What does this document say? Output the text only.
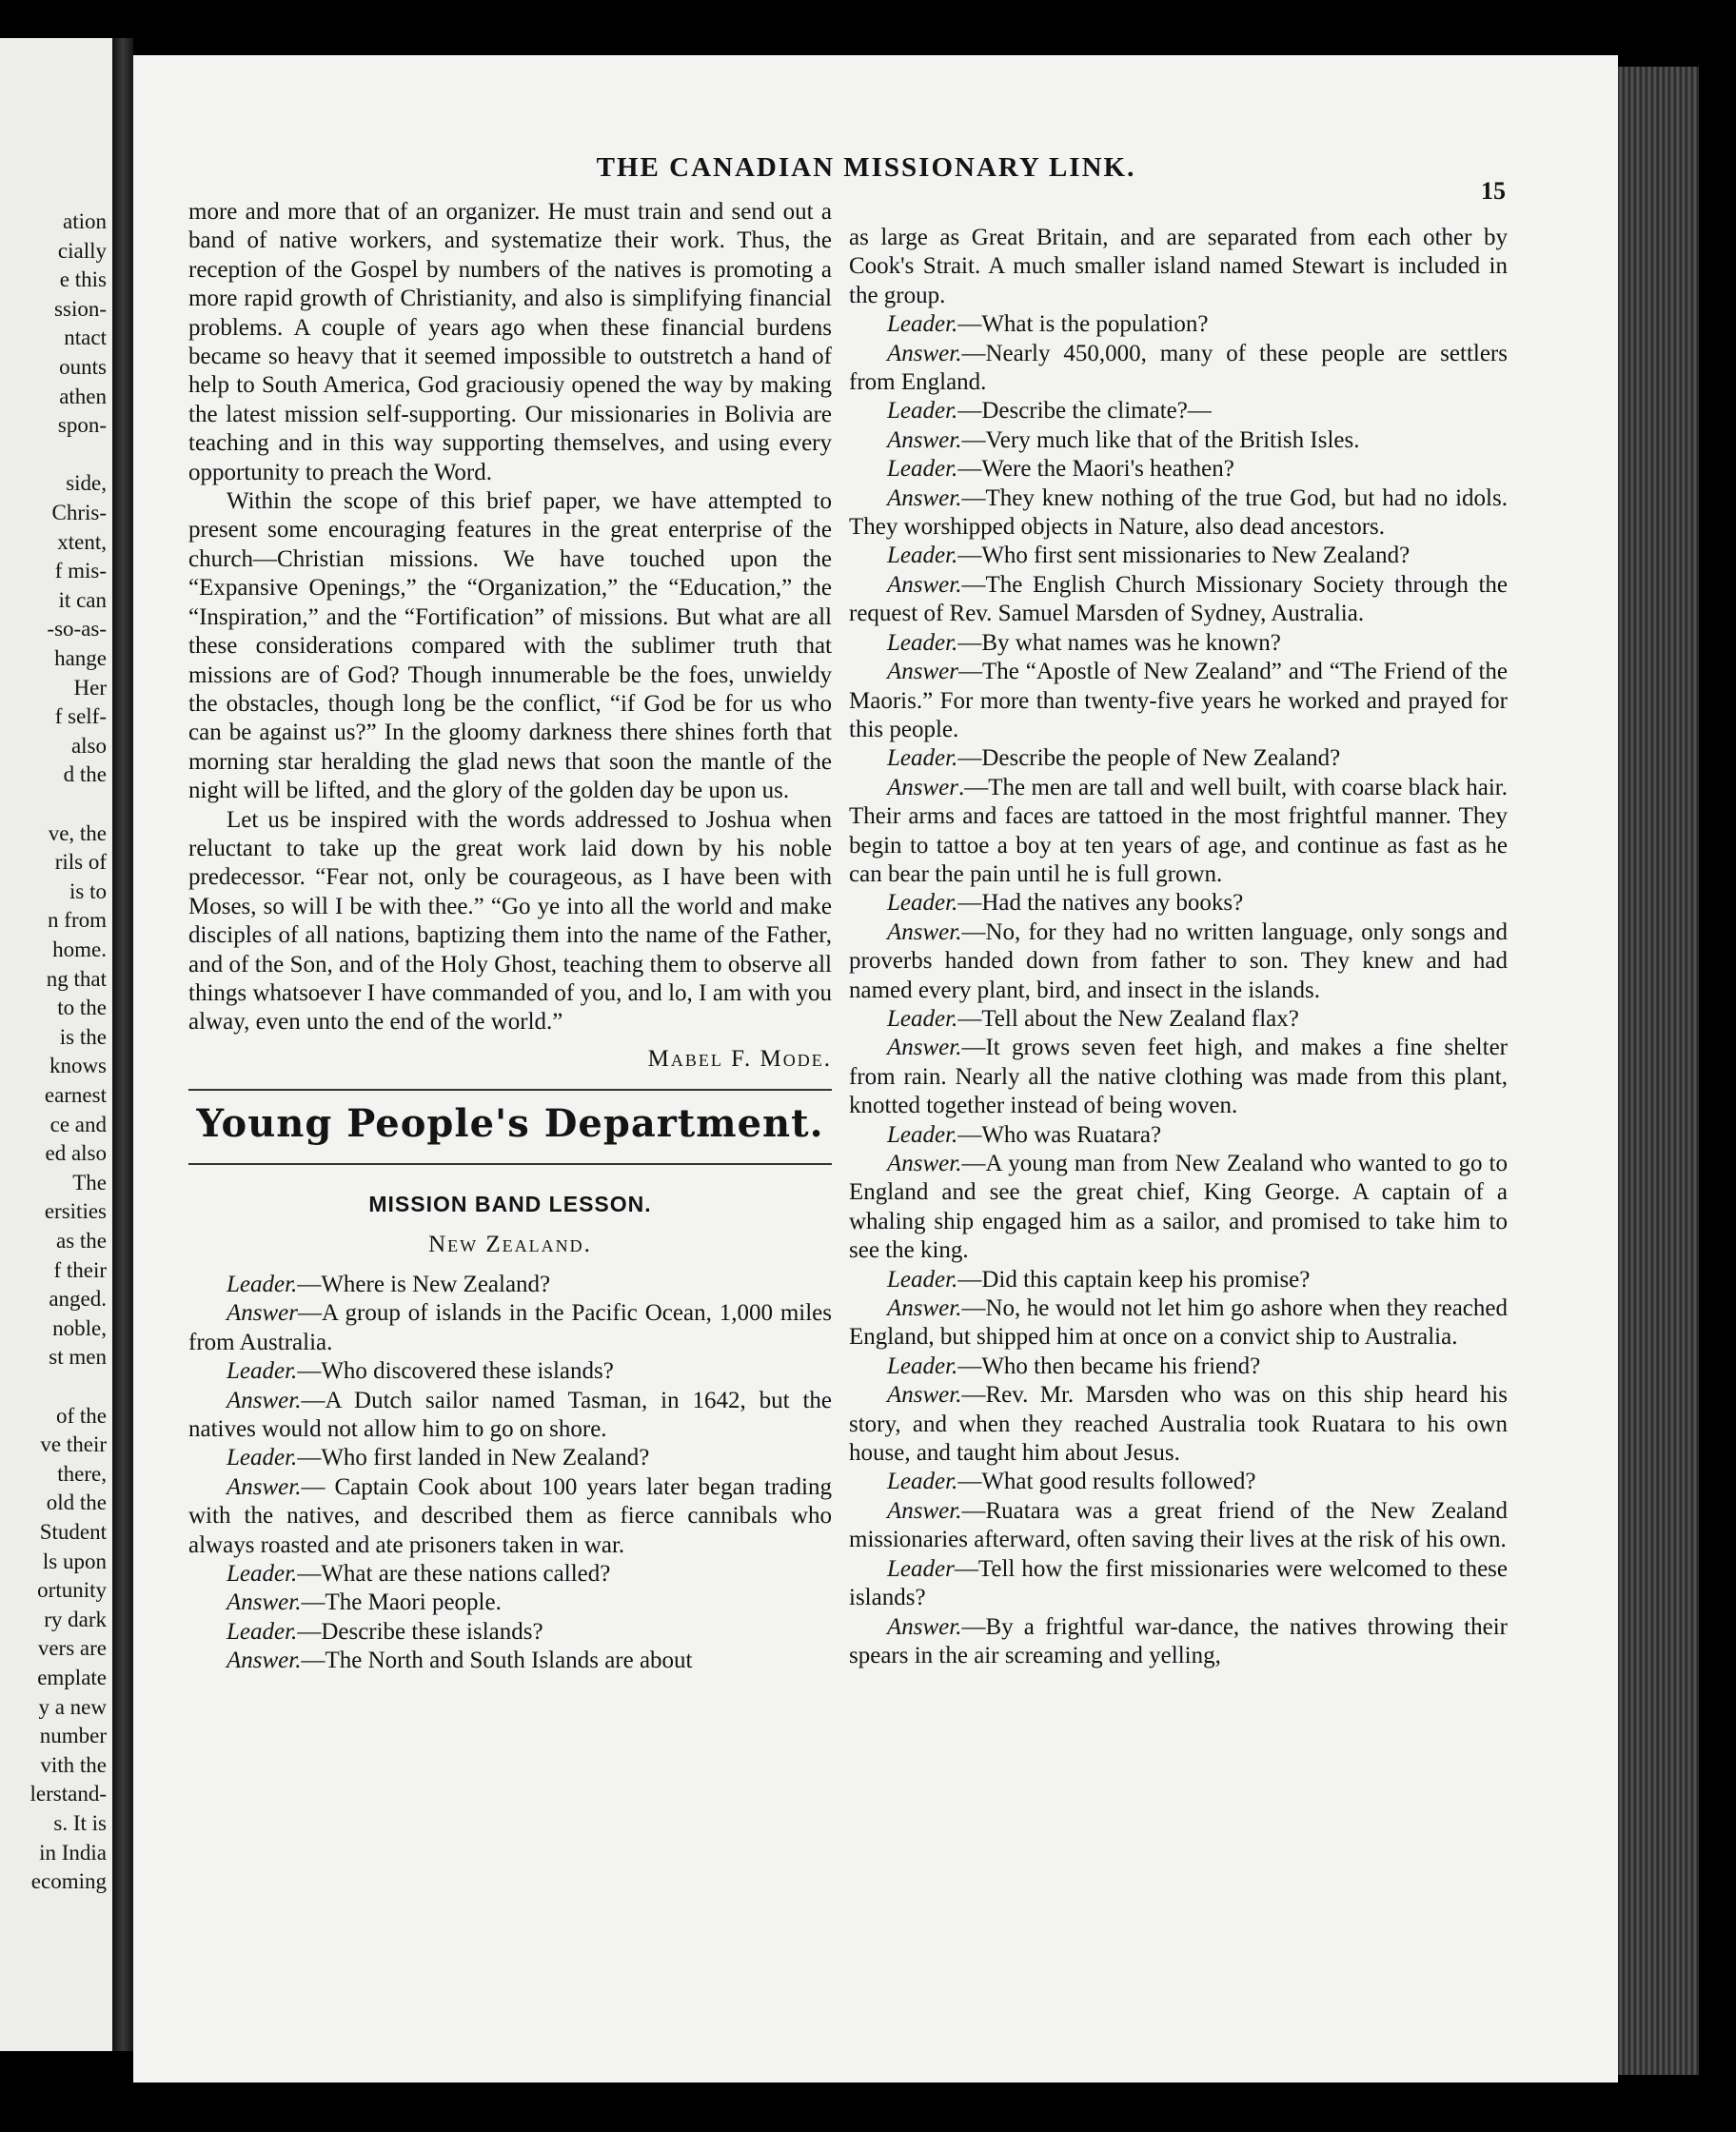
ation
cially
e this
ssion-
ntact
ounts
athen
spon-
side,
Chris-
xtent,
f mis-
it can
-so-as-
hange
Her
f self-
also
d the
ve, the
rils of
is to
n from
home.
ng that
to the
is the
knows
earnest
ce and
ed also
The
ersities
as the
f their
anged.
noble,
st men
of the
ve their
there,
old the
Student
ls upon
ortunity
ry dark
vers are
emplate
y a new
number
vith the
lerstand-
s. It is
in India
ecoming
THE CANADIAN MISSIONARY LINK.
15

more and more that of an organizer. He must train and send out a band of native workers, and systematize their work. Thus, the reception of the Gospel by numbers of the natives is promoting a more rapid growth of Christianity, and also is simplifying financial problems. A couple of years ago when these financial burdens became so heavy that it seemed impossible to outstretch a hand of help to South America, God graciousiy opened the way by making the latest mission self-supporting. Our missionaries in Bolivia are teaching and in this way supporting themselves, and using every opportunity to preach the Word.

Within the scope of this brief paper, we have attempted to present some encouraging features in the great enterprise of the church—Christian missions. We have touched upon the “Expansive Openings,” the “Organization,” the “Education,” the “Inspiration,” and the “Fortification” of missions. But what are all these considerations compared with the sublimer truth that missions are of God? Though innumerable be the foes, unwieldy the obstacles, though long be the conflict, “if God be for us who can be against us?” In the gloomy darkness there shines forth that morning star heralding the glad news that soon the mantle of the night will be lifted, and the glory of the golden day be upon us.

Let us be inspired with the words addressed to Joshua when reluctant to take up the great work laid down by his noble predecessor. “Fear not, only be courageous, as I have been with Moses, so will I be with thee.” “Go ye into all the world and make disciples of all nations, baptizing them into the name of the Father, and of the Son, and of the Holy Ghost, teaching them to observe all things whatsoever I have commanded of you, and lo, I am with you alway, even unto the end of the world.”

Mabel F. Mode.

Young People's Department.
MISSION BAND LESSON.
New Zealand.

Leader.—Where is New Zealand?

Answer—A group of islands in the Pacific Ocean, 1,000 miles from Australia.

Leader.—Who discovered these islands?

Answer.—A Dutch sailor named Tasman, in 1642, but the natives would not allow him to go on shore.

Leader.—Who first landed in New Zealand?

Answer.— Captain Cook about 100 years later began trading with the natives, and described them as fierce cannibals who always roasted and ate prisoners taken in war.

Leader.—What are these nations called?

Answer.—The Maori people.

Leader.—Describe these islands?

Answer.—The North and South Islands are about

as large as Great Britain, and are separated from each other by Cook's Strait. A much smaller island named Stewart is included in the group.

Leader.—What is the population?

Answer.—Nearly 450,000, many of these people are settlers from England.

Leader.—Describe the climate?—

Answer.—Very much like that of the British Isles.

Leader.—Were the Maori's heathen?

Answer.—They knew nothing of the true God, but had no idols. They worshipped objects in Nature, also dead ancestors.

Leader.—Who first sent missionaries to New Zealand?

Answer.—The English Church Missionary Society through the request of Rev. Samuel Marsden of Sydney, Australia.

Leader.—By what names was he known?

Answer—The “Apostle of New Zealand” and “The Friend of the Maoris.” For more than twenty-five years he worked and prayed for this people.

Leader.—Describe the people of New Zealand?

Answer.—The men are tall and well built, with coarse black hair. Their arms and faces are tattoed in the most frightful manner. They begin to tattoe a boy at ten years of age, and continue as fast as he can bear the pain until he is full grown.

Leader.—Had the natives any books?

Answer.—No, for they had no written language, only songs and proverbs handed down from father to son. They knew and had named every plant, bird, and insect in the islands.

Leader.—Tell about the New Zealand flax?

Answer.—It grows seven feet high, and makes a fine shelter from rain. Nearly all the native clothing was made from this plant, knotted together instead of being woven.

Leader.—Who was Ruatara?

Answer.—A young man from New Zealand who wanted to go to England and see the great chief, King George. A captain of a whaling ship engaged him as a sailor, and promised to take him to see the king.

Leader.—Did this captain keep his promise?

Answer.—No, he would not let him go ashore when they reached England, but shipped him at once on a convict ship to Australia.

Leader.—Who then became his friend?

Answer.—Rev. Mr. Marsden who was on this ship heard his story, and when they reached Australia took Ruatara to his own house, and taught him about Jesus.

Leader.—What good results followed?

Answer.—Ruatara was a great friend of the New Zealand missionaries afterward, often saving their lives at the risk of his own.

Leader—Tell how the first missionaries were welcomed to these islands?

Answer.—By a frightful war-dance, the natives throwing their spears in the air screaming and yelling,
